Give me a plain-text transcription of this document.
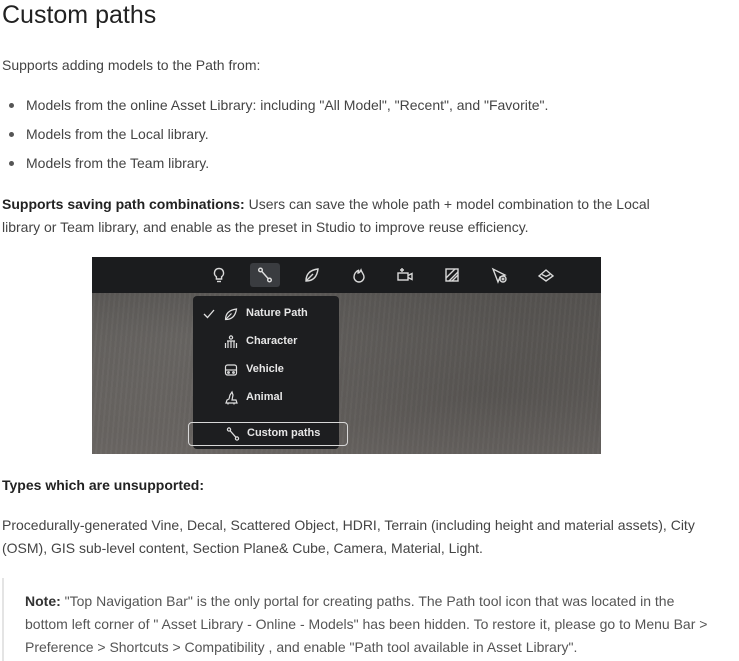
Custom paths

Supports adding models to the Path from:

Models from the online Asset Library: including "All Model", "Recent", and "Favorite".
Models from the Local library.
Models from the Team library.

Supports saving path combinations: Users can save the whole path + model combination to the Local library or Team library, and enable as the preset in Studio to improve reuse efficiency.

Nature Path
Character
Vehicle
Animal
Custom paths

Types which are unsupported:

Procedurally-generated Vine, Decal, Scattered Object, HDRI, Terrain (including height and material assets), City (OSM), GIS sub-level content, Section Plane& Cube, Camera, Material, Light.

Note: "Top Navigation Bar" is the only portal for creating paths. The Path tool icon that was located in the bottom left corner of " Asset Library - Online - Models" has been hidden. To restore it, please go to Menu Bar > Preference > Shortcuts > Compatibility , and enable "Path tool available in Asset Library".
